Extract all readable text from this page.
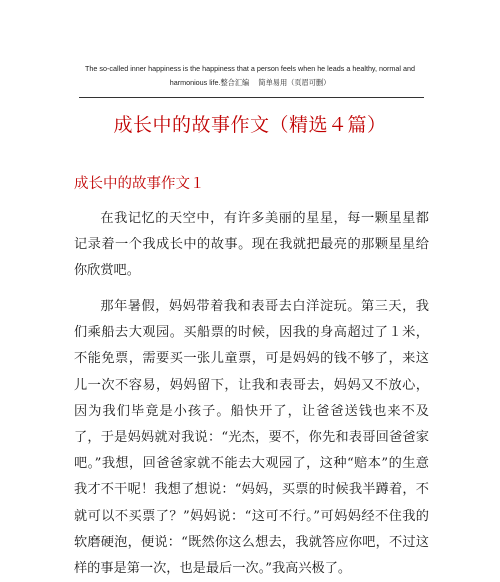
The so-called inner happiness is the happiness that a person feels when he leads a healthy, normal and
harmonious life.整合汇编　 简单易用（页眉可删）
成长中的故事作文（精选４篇）
成长中的故事作文１

在我记忆的天空中，有许多美丽的星星，每一颗星星都记录着一个我成长中的故事。现在我就把最亮的那颗星星给你欣赏吧。

那年暑假，妈妈带着我和表哥去白洋淀玩。第三天，我们乘船去大观园。买船票的时候，因我的身高超过了１米，不能免票，需要买一张儿童票，可是妈妈的钱不够了，来这儿一次不容易，妈妈留下，让我和表哥去，妈妈又不放心，因为我们毕竟是小孩子。船快开了，让爸爸送钱也来不及了，于是妈妈就对我说：“光杰，要不，你先和表哥回爸爸家吧。”我想，回爸爸家就不能去大观园了，这种“赔本”的生意我才不干呢！我想了想说：“妈妈，买票的时候我半蹲着，不就可以不买票了？”妈妈说：“这可不行。”可妈妈经不住我的软磨硬泡，便说：“既然你这么想去，我就答应你吧，不过这样的事是第一次，也是最后一次。”我高兴极了。
